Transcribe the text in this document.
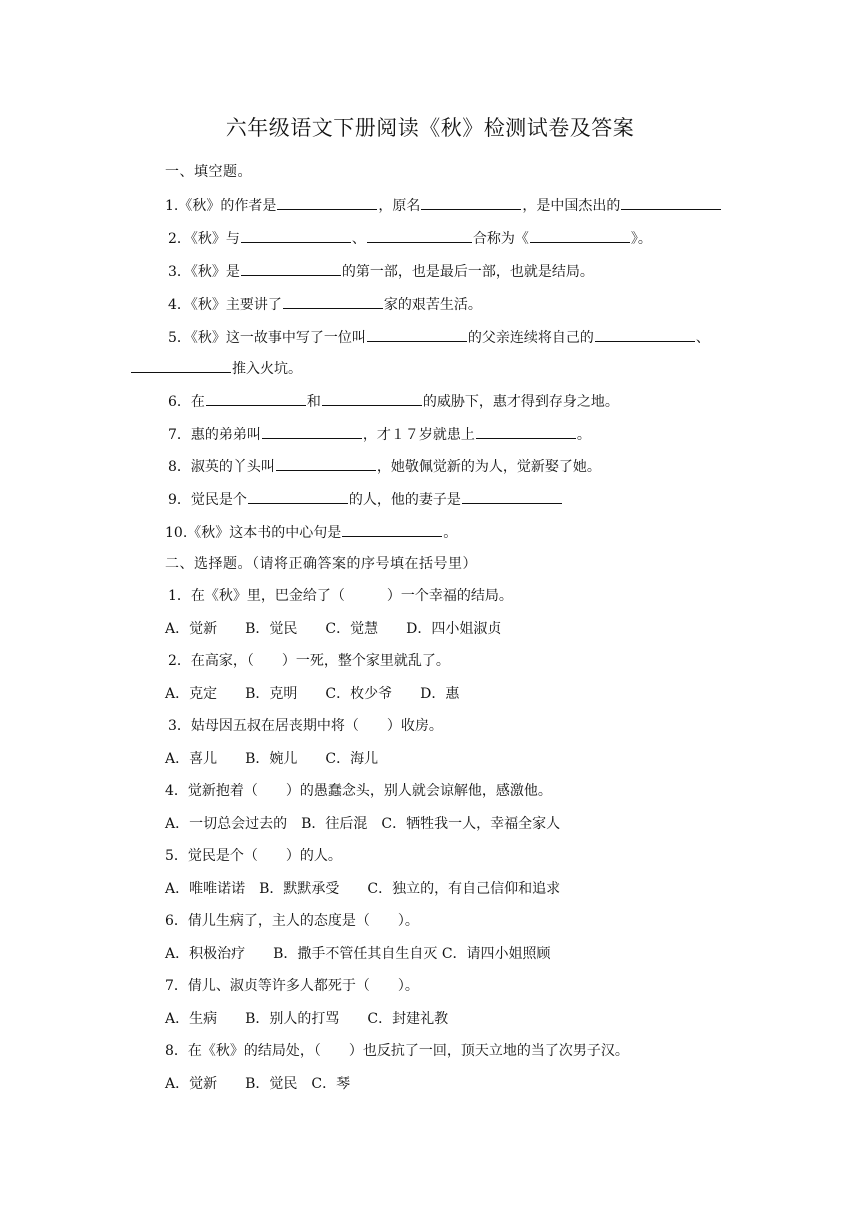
六年级语文下册阅读《秋》检测试卷及答案
一、填空题。
1.《秋》的作者是	，原名	，是中国杰出的
2．《秋》与	、	合称为《	》。
3．《秋》是	的第一部，也是最后一部，也就是结局。
4．《秋》主要讲了	家的艰苦生活。
5．《秋》这一故事中写了一位叫	的父亲连续将自己的	、
推入火坑。
6．在	和	的威胁下，惠才得到存身之地。
7．惠的弟弟叫	，才１７岁就患上	。
8．淑英的丫头叫	，她敬佩觉新的为人，觉新娶了她。
9．觉民是个	的人，他的妻子是
10.《秋》这本书的中心句是	。
二、选择题。（请将正确答案的序号填在括号里）
1．在《秋》里，巴金给了（　　　）一个幸福的结局。
A．觉新　　B．觉民　　C．觉慧　　D．四小姐淑贞
2．在高家，（　　）一死，整个家里就乱了。
A．克定　　B．克明　　C．枚少爷　　D．惠
3．姑母因五叔在居丧期中将（　　）收房。
A．喜儿　　B．婉儿　　C．海儿
4．觉新抱着（　　）的愚蠢念头，别人就会谅解他，感激他。
A．一切总会过去的　B．往后混　C．牺牲我一人，幸福全家人
5．觉民是个（　　）的人。
A．唯唯诺诺　B．默默承受　　C．独立的，有自己信仰和追求
6．倩儿生病了，主人的态度是（　　）。
A．积极治疗　　B．撒手不管任其自生自灭 C．请四小姐照顾
7．倩儿、淑贞等许多人都死于（　　）。
A．生病　　B．别人的打骂　　C．封建礼教
8．在《秋》的结局处，（　　）也反抗了一回，顶天立地的当了次男子汉。
A．觉新　　B．觉民　C．琴
